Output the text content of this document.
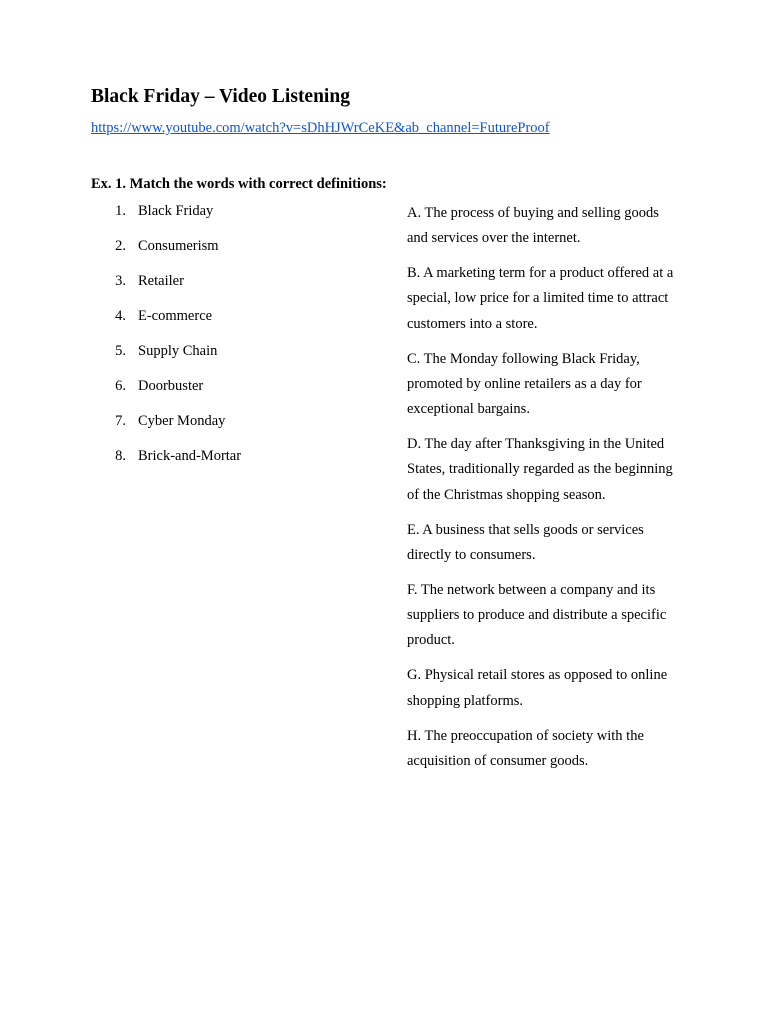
Black Friday – Video Listening
https://www.youtube.com/watch?v=sDhHJWrCeKE&ab_channel=FutureProof
Ex. 1. Match the words with correct definitions:
1. Black Friday
2. Consumerism
3. Retailer
4. E-commerce
5. Supply Chain
6. Doorbuster
7. Cyber Monday
8. Brick-and-Mortar

A. The process of buying and selling goods and services over the internet.

B. A marketing term for a product offered at a special, low price for a limited time to attract customers into a store.

C. The Monday following Black Friday, promoted by online retailers as a day for exceptional bargains.

D. The day after Thanksgiving in the United States, traditionally regarded as the beginning of the Christmas shopping season.

E. A business that sells goods or services directly to consumers.

F. The network between a company and its suppliers to produce and distribute a specific product.

G. Physical retail stores as opposed to online shopping platforms.

H. The preoccupation of society with the acquisition of consumer goods.
